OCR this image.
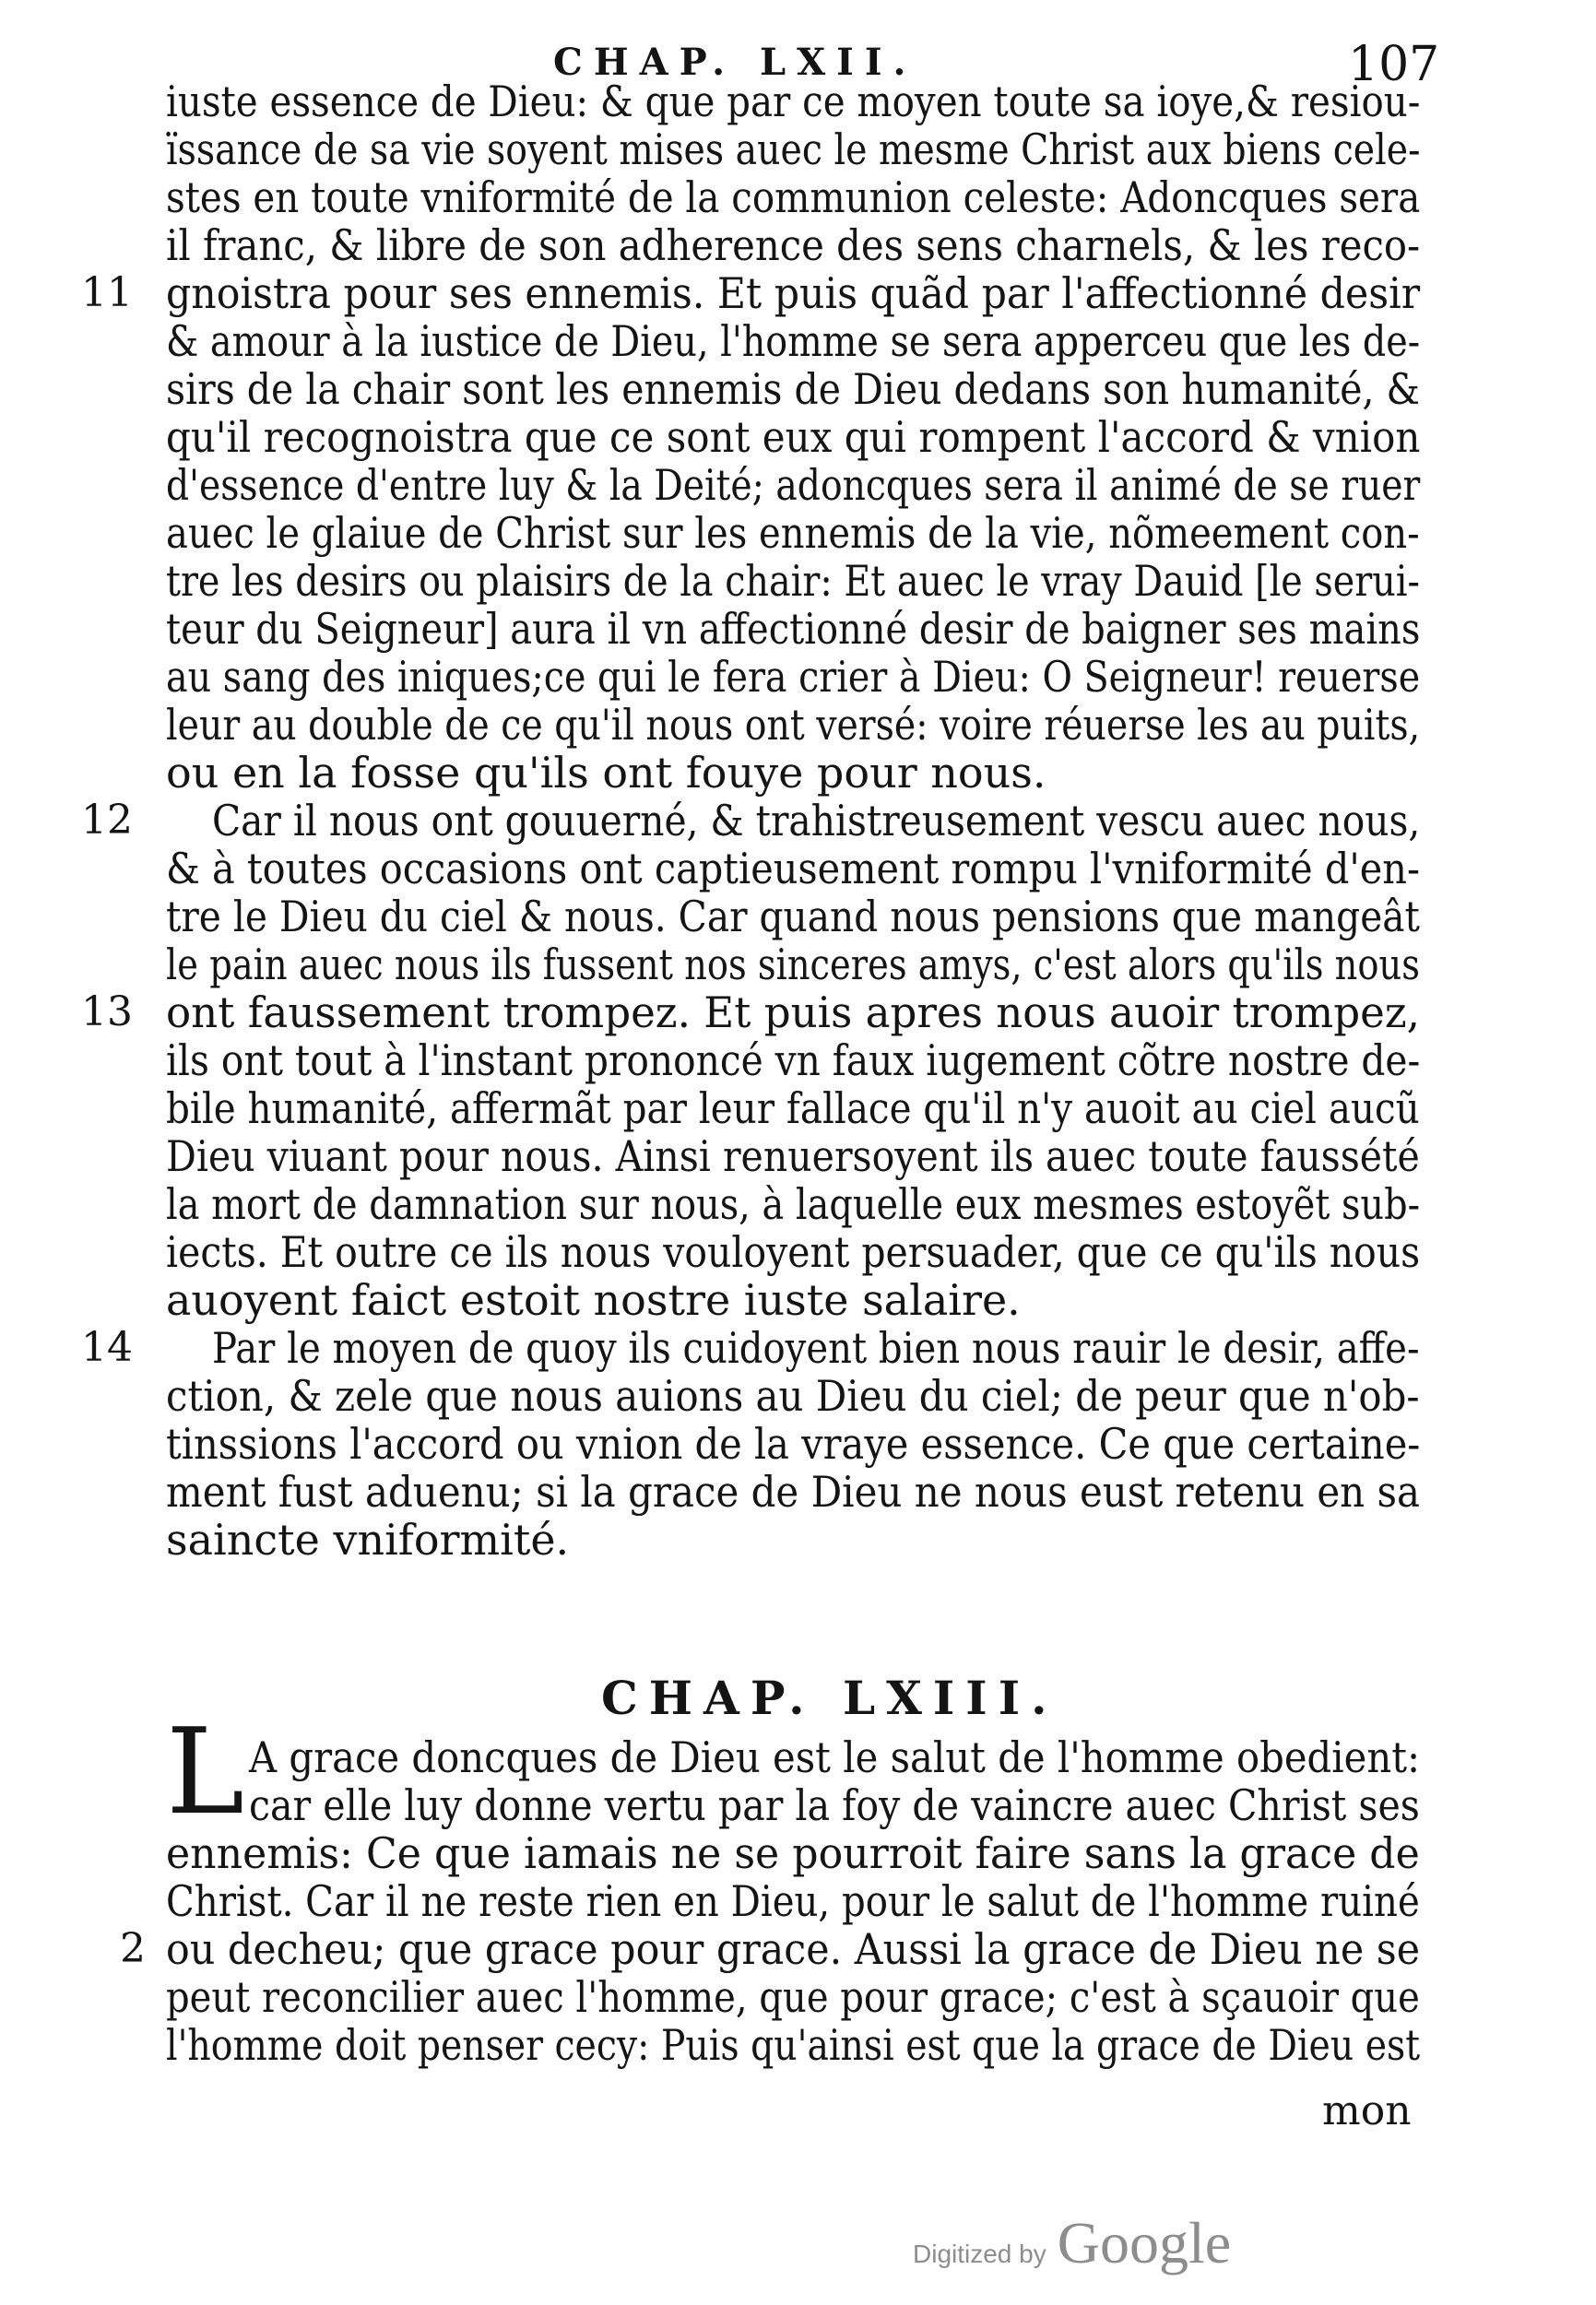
CHAP. LXII.	107
iuste essence de Dieu: & que par ce moyen toute sa ioye,& resiou-
ïssance de sa vie soyent mises auec le mesme Christ aux biens cele-
stes en toute vniformité de la communion celeste: Adoncques sera
il franc, & libre de son adherence des sens charnels, & les reco-
11 gnoistra pour ses ennemis. Et puis quãd par l'affectionné desir
& amour à la iustice de Dieu, l'homme se sera apperceu que les de-
sirs de la chair sont les ennemis de Dieu dedans son humanité, &
qu'il recognoistra que ce sont eux qui rompent l'accord & vnion
d'essence d'entre luy & la Deité; adoncques sera il animé de se ruer
auec le glaiue de Christ sur les ennemis de la vie, nõmeement con-
tre les desirs ou plaisirs de la chair: Et auec le vray Dauid [le serui-
teur du Seigneur] aura il vn affectionné desir de baigner ses mains
au sang des iniques;ce qui le fera crier à Dieu: O Seigneur! reuerse
leur au double de ce qu'il nous ont versé: voire réuerse les au puits,
ou en la fosse qu'ils ont fouye pour nous.
12	Car il nous ont gouuerné, & trahistreusement vescu auec nous,
& à toutes occasions ont captieusement rompu l'vniformité d'en-
tre le Dieu du ciel & nous. Car quand nous pensions que mangeât
le pain auec nous ils fussent nos sinceres amys, c'est alors qu'ils nous
13 ont faussement trompez. Et puis apres nous auoir trompez,
ils ont tout à l'instant prononcé vn faux iugement cõtre nostre de-
bile humanité, affermãt par leur fallace qu'il n'y auoit au ciel aucũ
Dieu viuant pour nous. Ainsi renuersoyent ils auec toute faussété
la mort de damnation sur nous, à laquelle eux mesmes estoyẽt sub-
iects. Et outre ce ils nous vouloyent persuader, que ce qu'ils nous
auoyent faict estoit nostre iuste salaire.
14	Par le moyen de quoy ils cuidoyent bien nous rauir le desir, affe-
ction, & zele que nous auions au Dieu du ciel; de peur que n'ob-
tinssions l'accord ou vnion de la vraye essence. Ce que certaine-
ment fust aduenu; si la grace de Dieu ne nous eust retenu en sa
saincte vniformité.
CHAP. LXIII.
L A grace doncques de Dieu est le salut de l'homme obedient:
car elle luy donne vertu par la foy de vaincre auec Christ ses
ennemis: Ce que iamais ne se pourroit faire sans la grace de
Christ. Car il ne reste rien en Dieu, pour le salut de l'homme ruiné
2 ou decheu; que grace pour grace. Aussi la grace de Dieu ne se
peut reconcilier auec l'homme, que pour grace; c'est à sçauoir que
l'homme doit penser cecy: Puis qu'ainsi est que la grace de Dieu est
mon
Digitized by Google
